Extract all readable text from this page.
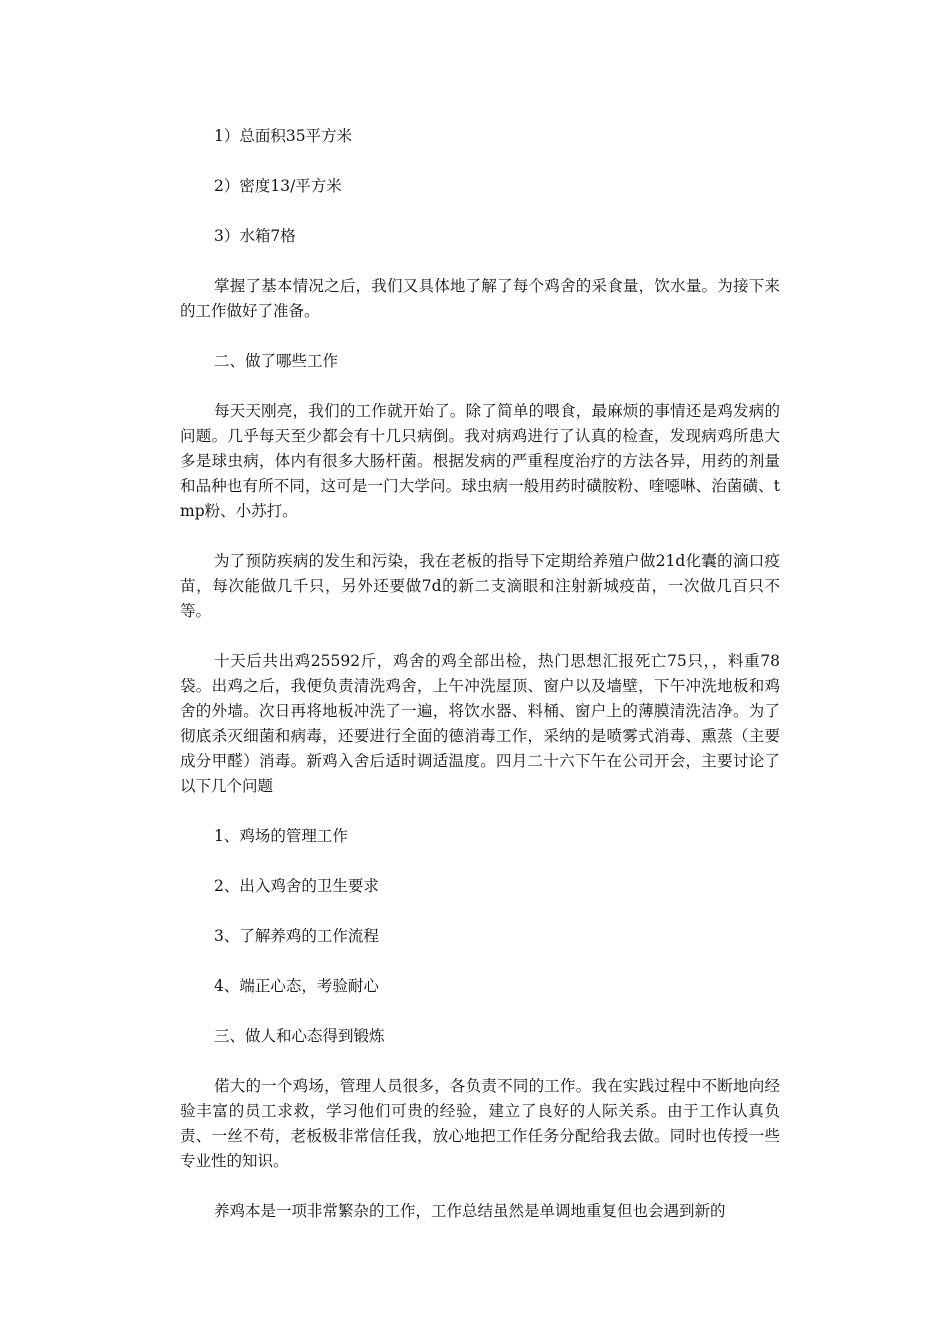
1）总面积35平方米

2）密度13/平方米

3）水箱7格

掌握了基本情况之后，我们又具体地了解了每个鸡舍的采食量，饮水量。为接下来的工作做好了准备。

二、做了哪些工作

每天天刚亮，我们的工作就开始了。除了简单的喂食，最麻烦的事情还是鸡发病的问题。几乎每天至少都会有十几只病倒。我对病鸡进行了认真的检查，发现病鸡所患大多是球虫病，体内有很多大肠杆菌。根据发病的严重程度治疗的方法各异，用药的剂量和品种也有所不同，这可是一门大学问。球虫病一般用药时磺胺粉、喹噁啉、治菌磺、tmp粉、小苏打。

为了预防疾病的发生和污染，我在老板的指导下定期给养殖户做21d化囊的滴口疫苗，每次能做几千只，另外还要做7d的新二支滴眼和注射新城疫苗，一次做几百只不等。

十天后共出鸡25592斤，鸡舍的鸡全部出检，热门思想汇报死亡75只，，料重78袋。出鸡之后，我便负责清洗鸡舍，上午冲洗屋顶、窗户以及墙壁，下午冲洗地板和鸡舍的外墙。次日再将地板冲洗了一遍，将饮水器、料桶、窗户上的薄膜清洗洁净。为了彻底杀灭细菌和病毒，还要进行全面的德消毒工作，采纳的是喷雾式消毒、熏蒸（主要成分甲醛）消毒。新鸡入舍后适时调适温度。四月二十六下午在公司开会，主要讨论了以下几个问题

1、鸡场的管理工作

2、出入鸡舍的卫生要求

3、了解养鸡的工作流程

4、端正心态，考验耐心

三、做人和心态得到锻炼

偌大的一个鸡场，管理人员很多，各负责不同的工作。我在实践过程中不断地向经验丰富的员工求救，学习他们可贵的经验，建立了良好的人际关系。由于工作认真负责、一丝不苟，老板极非常信任我，放心地把工作任务分配给我去做。同时也传授一些专业性的知识。

养鸡本是一项非常繁杂的工作，工作总结虽然是单调地重复但也会遇到新的
